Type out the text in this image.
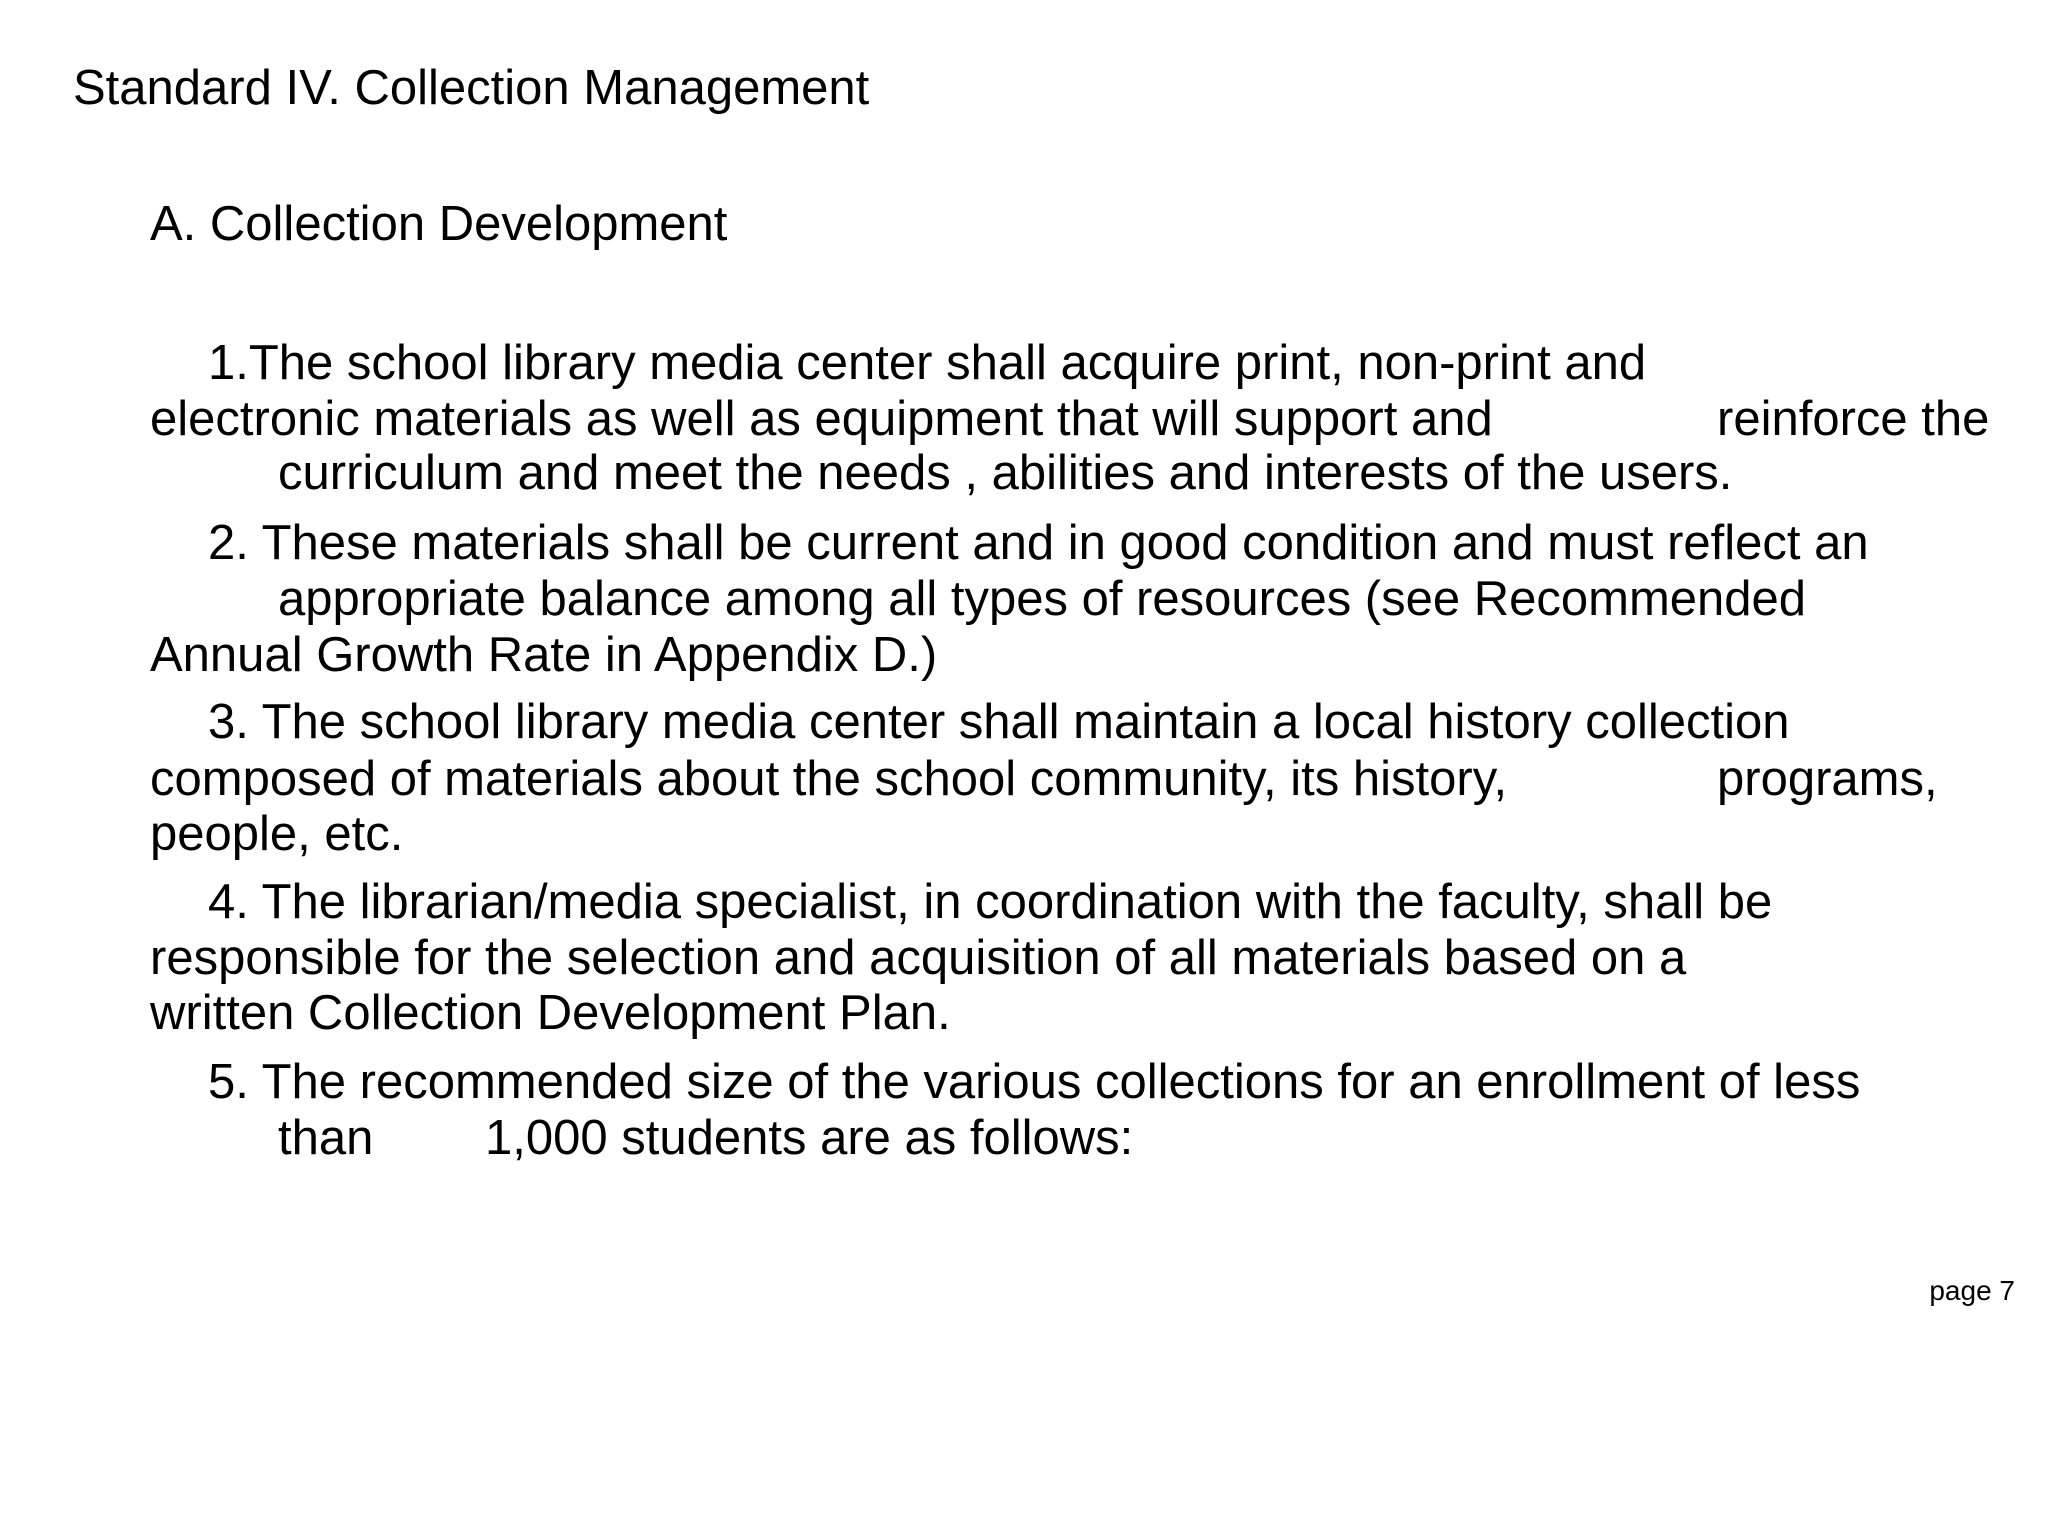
Standard IV. Collection Management
A. Collection Development
1.The school library media center shall acquire print, non-print and
electronic materials as well as equipment that will support and	reinforce the
curriculum and meet the needs , abilities and interests of the users.
2. These materials shall be current and in good condition and must reflect an
appropriate balance among all types of resources (see Recommended
Annual Growth Rate in Appendix D.)
3. The school library media center shall maintain a local history collection
composed of materials about the school community, its history,	programs,
people, etc.
4. The librarian/media specialist, in coordination with the faculty, shall be
responsible for the selection and acquisition of all materials based on a
written Collection Development Plan.
5. The recommended size of the various collections for an enrollment of less
than 1,000 students are as follows:
page 7
